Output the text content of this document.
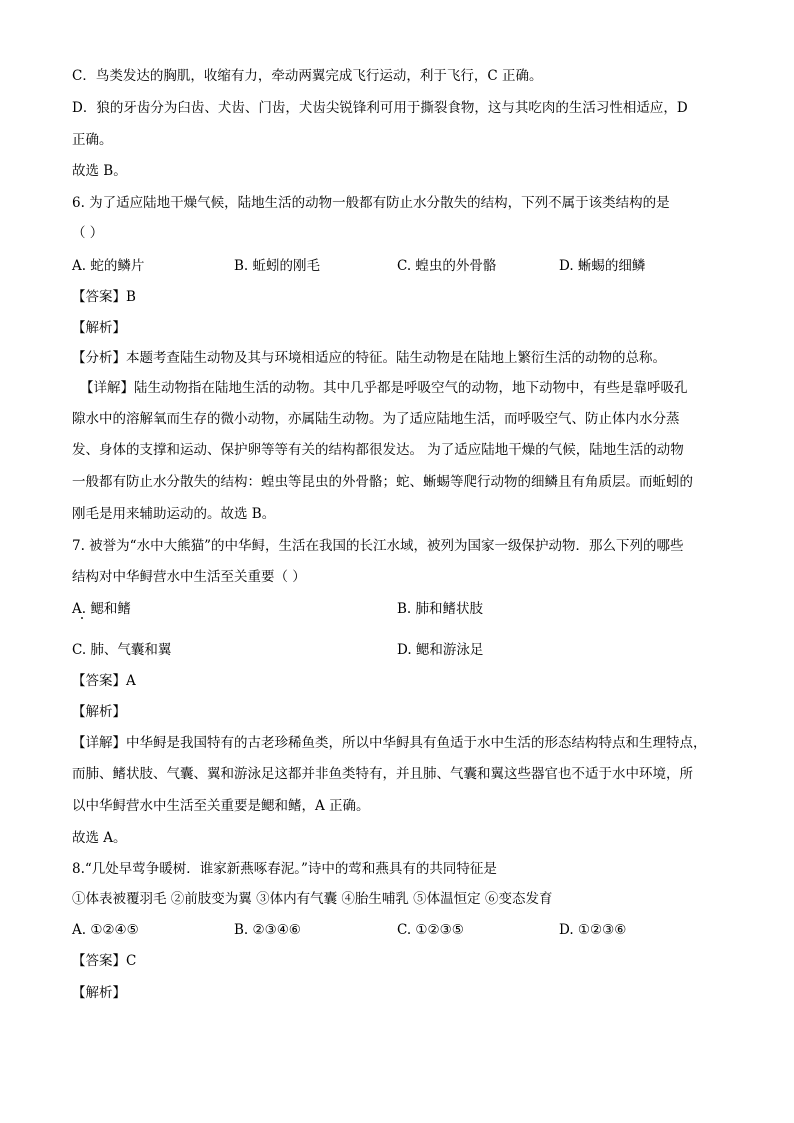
C．鸟类发达的胸肌，收缩有力，牵动两翼完成飞行运动，利于飞行，C 正确。
D．狼的牙齿分为臼齿、犬齿、门齿，犬齿尖锐锋利可用于撕裂食物，这与其吃肉的生活习性相适应，D
正确。
故选 B。
6. 为了适应陆地干燥气候，陆地生活的动物一般都有防止水分散失的结构，下列不属于该类结构的是
（ ）
A. 蛇的鳞片	B. 蚯蚓的刚毛	C. 蝗虫的外骨骼	D. 蜥蜴的细鳞
【答案】B
【解析】
【分析】本题考查陆生动物及其与环境相适应的特征。陆生动物是在陆地上繁衍生活的动物的总称。
【详解】陆生动物指在陆地生活的动物。其中几乎都是呼吸空气的动物，地下动物中，有些是靠呼吸孔
隙水中的溶解氧而生存的微小动物，亦属陆生动物。为了适应陆地生活，而呼吸空气、防止体内水分蒸
发、身体的支撑和运动、保护卵等等有关的结构都很发达。 为了适应陆地干燥的气候，陆地生活的动物
一般都有防止水分散失的结构：蝗虫等昆虫的外骨骼；蛇、蜥蜴等爬行动物的细鳞且有角质层。而蚯蚓的
刚毛是用来辅助运动的。故选 B。
7. 被誉为“水中大熊猫”的中华鲟，生活在我国的长江水域，被列为国家一级保护动物．那么下列的哪些
结构对中华鲟营水中生活至关重要（ ）
A. 鳃和鳍	B. 肺和鳍状肢
C. 肺、气囊和翼	D. 鳃和游泳足
【答案】A
【解析】
【详解】中华鲟是我国特有的古老珍稀鱼类，所以中华鲟具有鱼适于水中生活的形态结构特点和生理特点，
而肺、鳍状肢、气囊、翼和游泳足这都并非鱼类特有，并且肺、气囊和翼这些器官也不适于水中环境，所
以中华鲟营水中生活至关重要是鳃和鳍，A 正确。
故选 A。
8.“几处早莺争暖树．谁家新燕啄春泥。”诗中的莺和燕具有的共同特征是
①体表被覆羽毛 ②前肢变为翼 ③体内有气囊 ④胎生哺乳 ⑤体温恒定 ⑥变态发育
A. ①②④⑤	B. ②③④⑥	C. ①②③⑤	D. ①②③⑥
【答案】C
【解析】
